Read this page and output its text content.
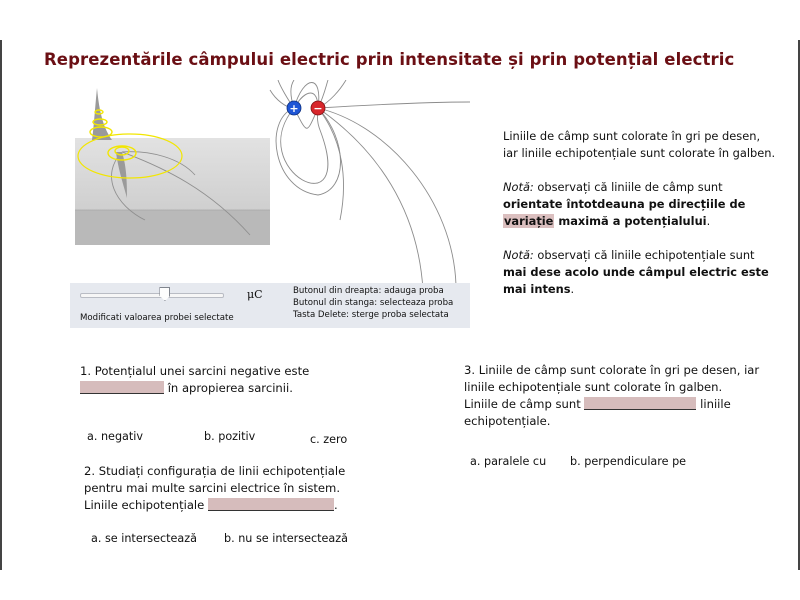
Reprezentările câmpului electric prin intensitate și prin potențial electric
+ −
μC
Modificati valoarea probei selectate
Butonul din dreapta: adauga proba
Butonul din stanga: selecteaza proba
Tasta Delete: sterge proba selectata

Liniile de câmp sunt colorate în gri pe desen, iar liniile echipotențiale sunt colorate în galben.

Notă: observați că liniile de câmp sunt orientate întotdeauna pe direcțiile de variație maximă a potențialului.

Notă: observați că liniile echipotențiale sunt mai dese acolo unde câmpul electric este mai intens.

1. Potențialul unei sarcini negative este
în apropierea sarcinii.
a. negativ	b. pozitiv	c. zero
2. Studiați configurația de linii echipotențiale
pentru mai multe sarcini electrice în sistem.
Liniile echipotențiale	.
a. se intersectează b. nu se intersectează
3. Liniile de câmp sunt colorate în gri pe desen, iar
liniile echipotențiale sunt colorate în galben.
Liniile de câmp sunt	liniile
echipotențiale.
a. paralele cu b. perpendiculare pe
